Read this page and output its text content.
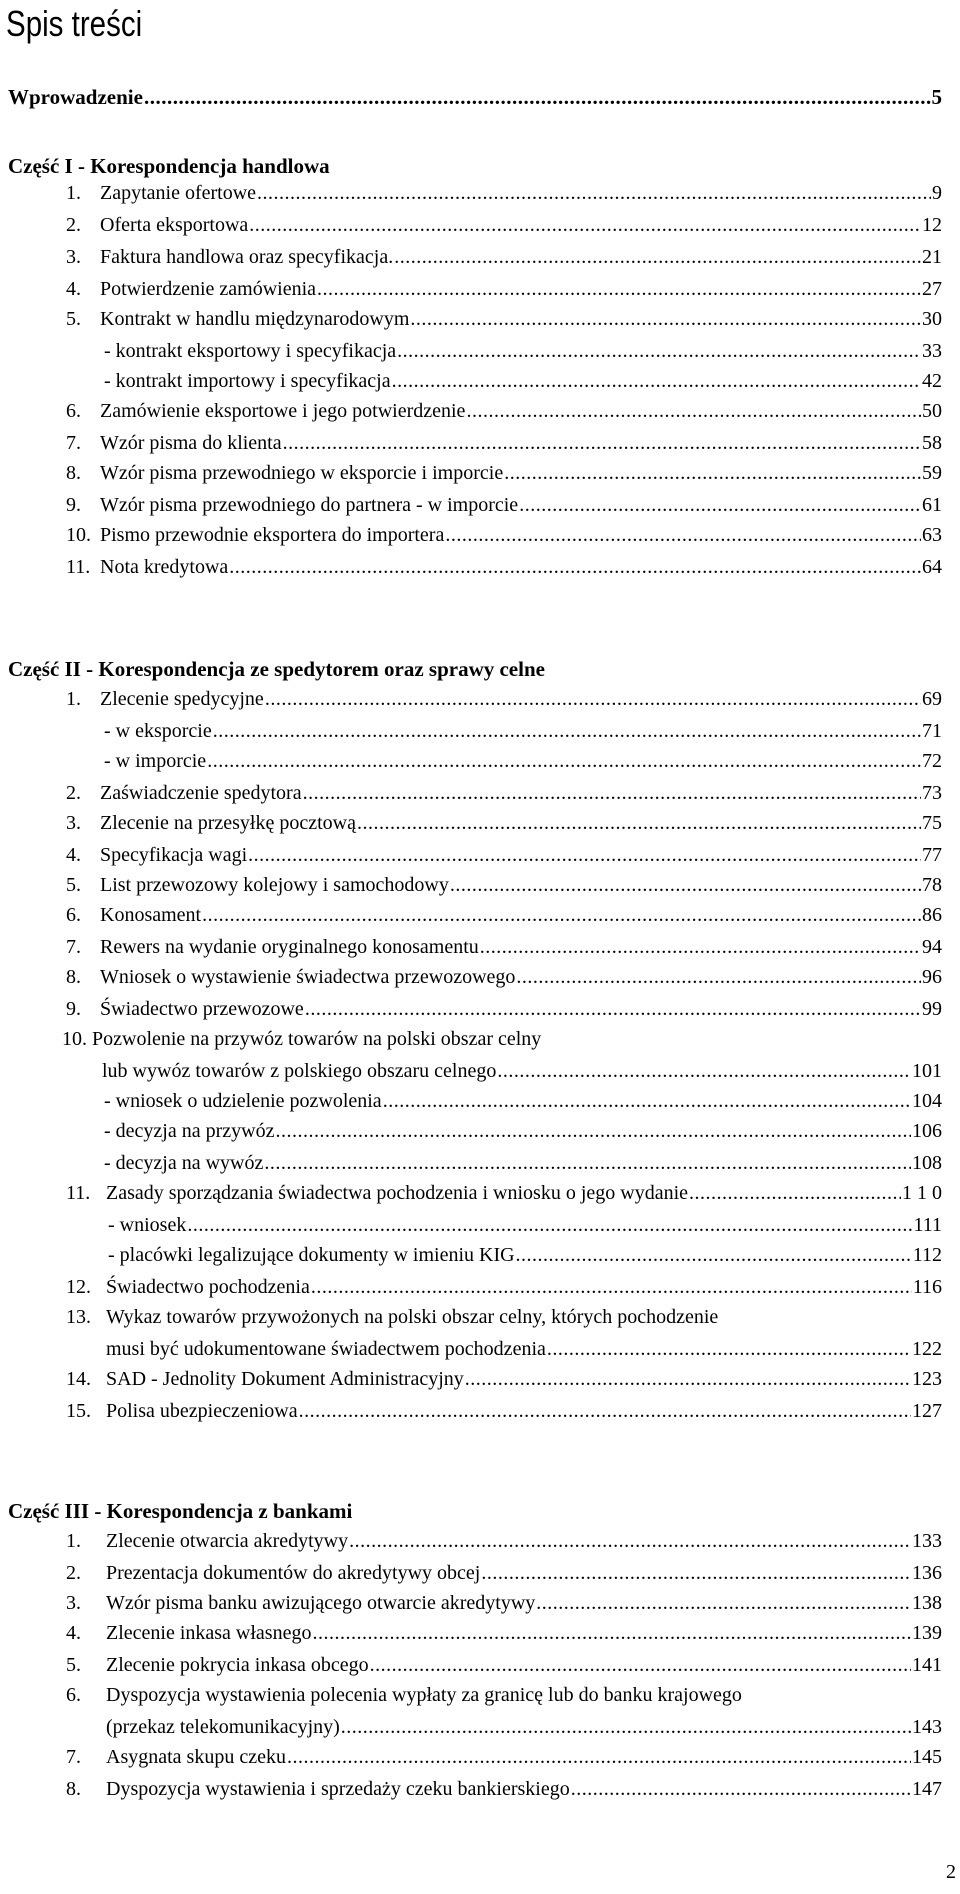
Spis treści
Wprowadzenie .....	5
Część I - Korespondencja handlowa
1. Zapytanie ofertowe .....	9
2. Oferta eksportowa .....	12
3. Faktura handlowa oraz specyfikacja. .....	21
4. Potwierdzenie zamówienia .....	27
5. Kontrakt w handlu międzynarodowym .....	30
- kontrakt eksportowy i specyfikacja .....	33
- kontrakt importowy i specyfikacja .....	42
6. Zamówienie eksportowe i jego potwierdzenie .....	50
7. Wzór pisma do klienta .....	58
8. Wzór pisma przewodniego w eksporcie i imporcie .....	59
9. Wzór pisma przewodniego do partnera - w imporcie .....	61
10. Pismo przewodnie eksportera do importera .....	63
11. Nota kredytowa .....	64
Część II - Korespondencja ze spedytorem oraz sprawy celne
1. Zlecenie spedycyjne .....	69
- w eksporcie .....	71
- w imporcie .....	72
2. Zaświadczenie spedytora .....	73
3. Zlecenie na przesyłkę pocztową .....	75
4. Specyfikacja wagi .....	77
5. List przewozowy kolejowy i samochodowy .....	78
6. Konosament .....	86
7. Rewers na wydanie oryginalnego konosamentu .....	94
8. Wniosek o wystawienie świadectwa przewozowego .....	96
9. Świadectwo przewozowe .....	99
10. Pozwolenie na przywóz towarów na polski obszar celny
lub wywóz towarów z polskiego obszaru celnego .....	101
- wniosek o udzielenie pozwolenia .....	104
- decyzja na przywóz .....	106
- decyzja na wywóz .....	108
11. Zasady sporządzania świadectwa pochodzenia i wniosku o jego wydanie .....	1 1 0
- wniosek .....	111
- placówki legalizujące dokumenty w imieniu KIG .....	112
12. Świadectwo pochodzenia .....	116
13. Wykaz towarów przywożonych na polski obszar celny, których pochodzenie
musi być udokumentowane świadectwem pochodzenia .....	122
14. SAD - Jednolity Dokument Administracyjny .....	123
15. Polisa ubezpieczeniowa .....	127
Część III - Korespondencja z bankami
1.	Zlecenie otwarcia akredytywy .....	133
2.	Prezentacja dokumentów do akredytywy obcej .....	136
3.	Wzór pisma banku awizującego otwarcie akredytywy .....	138
4.	Zlecenie inkasa własnego .....	139
5.	Zlecenie pokrycia inkasa obcego .....	141
6. Dyspozycja wystawienia polecenia wypłaty za granicę lub do banku krajowego
(przekaz telekomunikacyjny) .....	143
7.	Asygnata skupu czeku .....	145
8.	Dyspozycja wystawienia i sprzedaży czeku bankierskiego .....	147
2
